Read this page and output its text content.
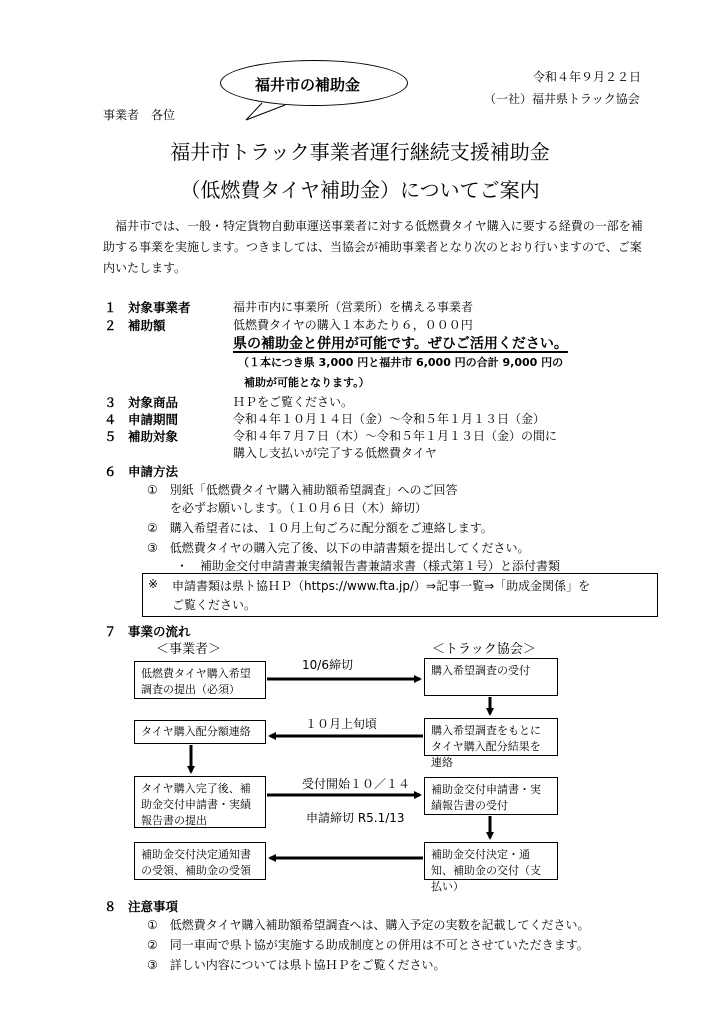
福井市の補助金	令和４年９月２２日
（一社）福井県トラック協会
事業者　各位
福井市トラック事業者運行継続支援補助金
（低燃費タイヤ補助金）についてご案内
福井市では、一般・特定貨物自動車運送事業者に対する低燃費タイヤ購入に要する経費の一部を補助する事業を実施します。つきましては、当協会が補助事業者となり次のとおり行いますので、ご案内いたします。
１ 対象事業者	福井市内に事業所（営業所）を構える事業者
２ 補助額	低燃費タイヤの購入１本あたり６，０００円
県の補助金と併用が可能です。ぜひご活用ください。
（１本につき県 3,000 円と福井市 6,000 円の合計 9,000 円の
補助が可能となります。）
３ 対象商品	ＨＰをご覧ください。
４ 申請期間	令和４年１０月１４日（金）～令和５年１月１３日（金）
５ 補助対象	令和４年７月７日（木）～令和５年１月１３日（金）の間に
購入し支払いが完了する低燃費タイヤ
６ 申請方法
①　別紙「低燃費タイヤ購入補助額希望調査」へのご回答
を必ずお願いします。（１０月６日（木）締切）
②　購入希望者には、１０月上旬ごろに配分額をご連絡します。
③　低燃費タイヤの購入完了後、以下の申請書類を提出してください。
・　補助金交付申請書兼実績報告書兼請求書（様式第１号）と添付書類
※ 申請書類は県ト協ＨＰ（https://www.fta.jp/）⇒記事一覧⇒「助成金関係」を
ご覧ください。
７ 事業の流れ
＜事業者＞	＜トラック協会＞
低燃費タイヤ購入希望調査の提出（必須）
購入希望調査の受付
タイヤ購入配分額連絡	購入希望調査をもとにタイヤ購入配分結果を連絡
タイヤ購入完了後、補助金交付申請書・実績報告書の提出
補助金交付申請書・実績報告書の受付
補助金交付決定通知書の受領、補助金の受領
補助金交付決定・通知、補助金の交付（支払い）
10/6締切
１０月上旬頃
受付開始１０／１４
申請締切 R5.1/13
８ 注意事項
①　低燃費タイヤ購入補助額希望調査へは、購入予定の実数を記載してください。
②　同一車両で県ト協が実施する助成制度との併用は不可とさせていただきます。
③　詳しい内容については県ト協ＨＰをご覧ください。
